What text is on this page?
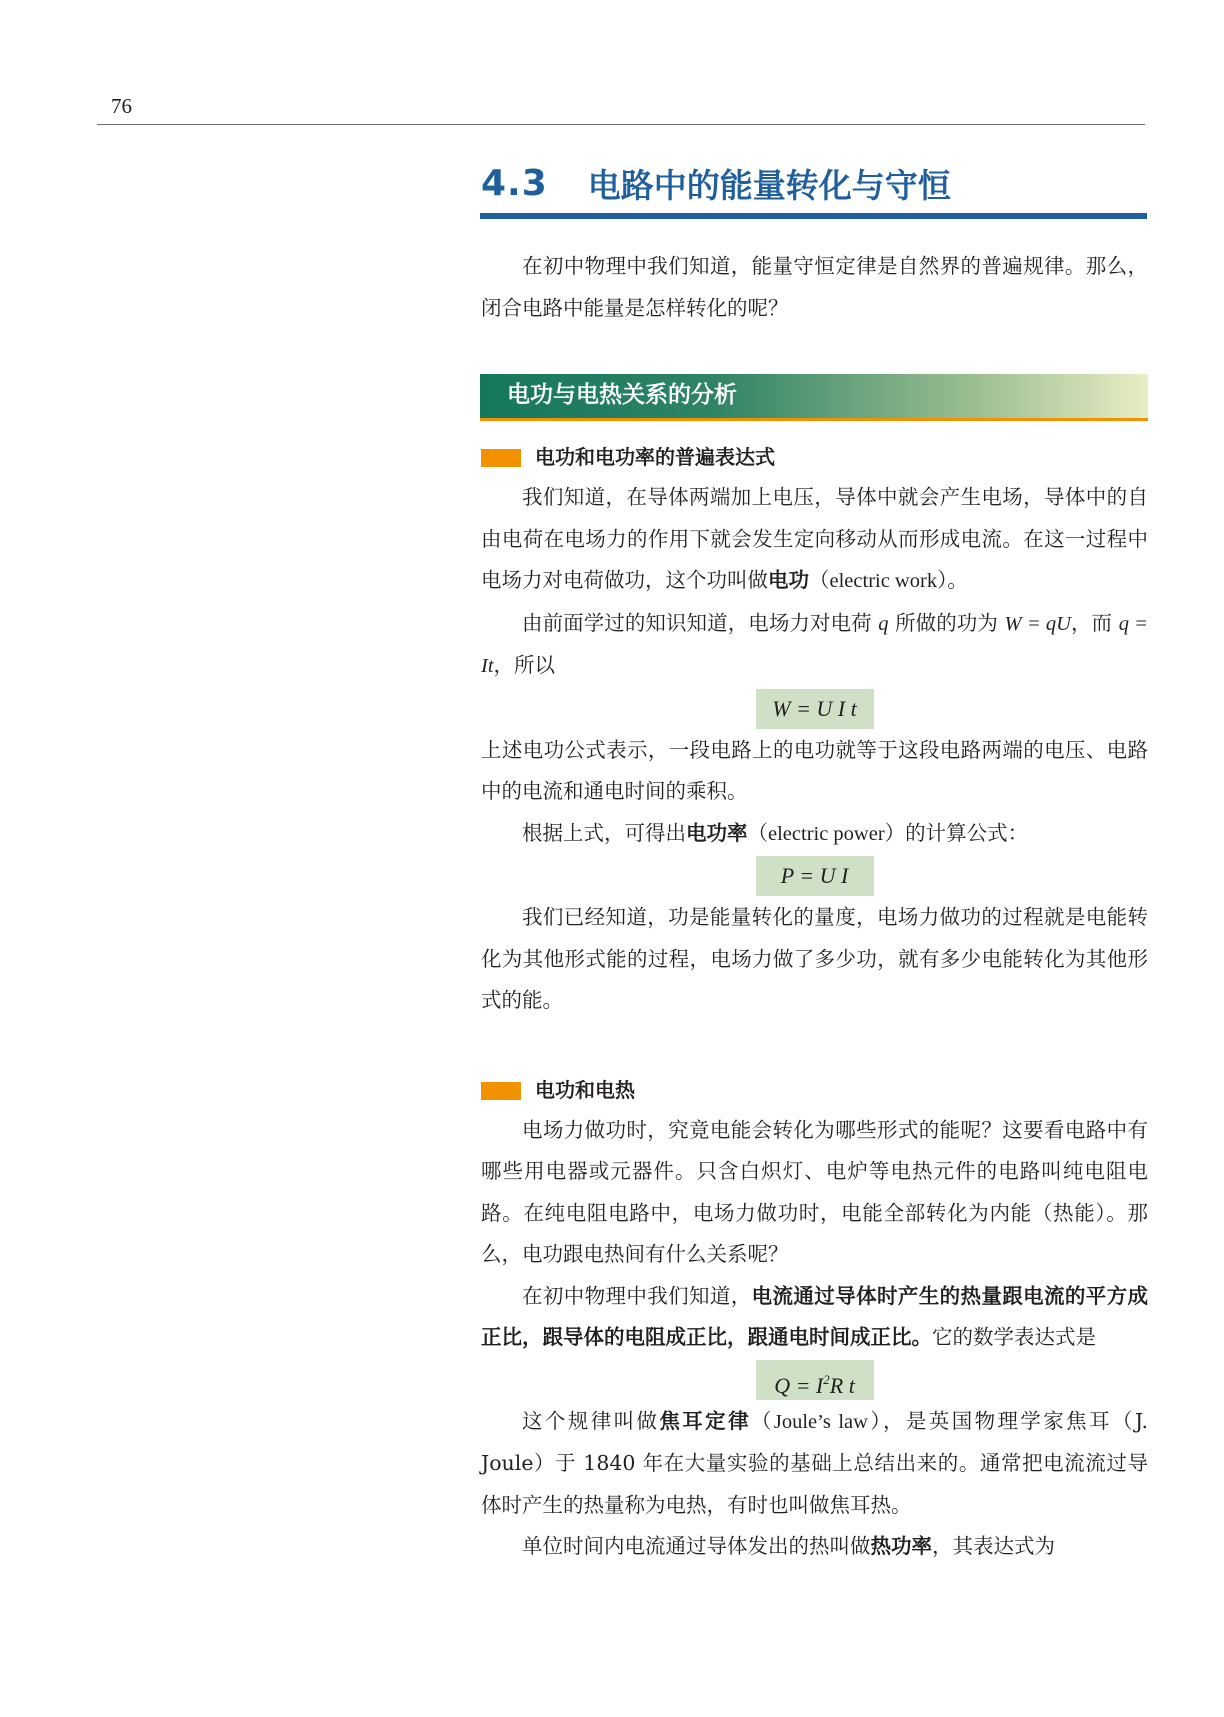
76
4.3 电路中的能量转化与守恒

在初中物理中我们知道，能量守恒定律是自然界的普遍规律。那么，闭合电路中能量是怎样转化的呢？

电功与电热关系的分析
电功和电功率的普遍表达式

我们知道，在导体两端加上电压，导体中就会产生电场，导体中的自由电荷在电场力的作用下就会发生定向移动从而形成电流。在这一过程中电场力对电荷做功，这个功叫做电功（electric work）。

由前面学过的知识知道，电场力对电荷 q 所做的功为 W = qU，而 q = It，所以

W = U I t

上述电功公式表示，一段电路上的电功就等于这段电路两端的电压、电路中的电流和通电时间的乘积。

根据上式，可得出电功率（electric power）的计算公式：

P = U I

我们已经知道，功是能量转化的量度，电场力做功的过程就是电能转化为其他形式能的过程，电场力做了多少功，就有多少电能转化为其他形式的能。

电功和电热

电场力做功时，究竟电能会转化为哪些形式的能呢？这要看电路中有哪些用电器或元器件。只含白炽灯、电炉等电热元件的电路叫纯电阻电路。在纯电阻电路中，电场力做功时，电能全部转化为内能（热能）。那么，电功跟电热间有什么关系呢？

在初中物理中我们知道，电流通过导体时产生的热量跟电流的平方成正比，跟导体的电阻成正比，跟通电时间成正比。它的数学表达式是

$Q = I^2R$ t

这个规律叫做焦耳定律（Joule’s law），是英国物理学家焦耳（J. Joule）于 1840 年在大量实验的基础上总结出来的。通常把电流流过导体时产生的热量称为电热，有时也叫做焦耳热。

单位时间内电流通过导体发出的热叫做热功率，其表达式为
